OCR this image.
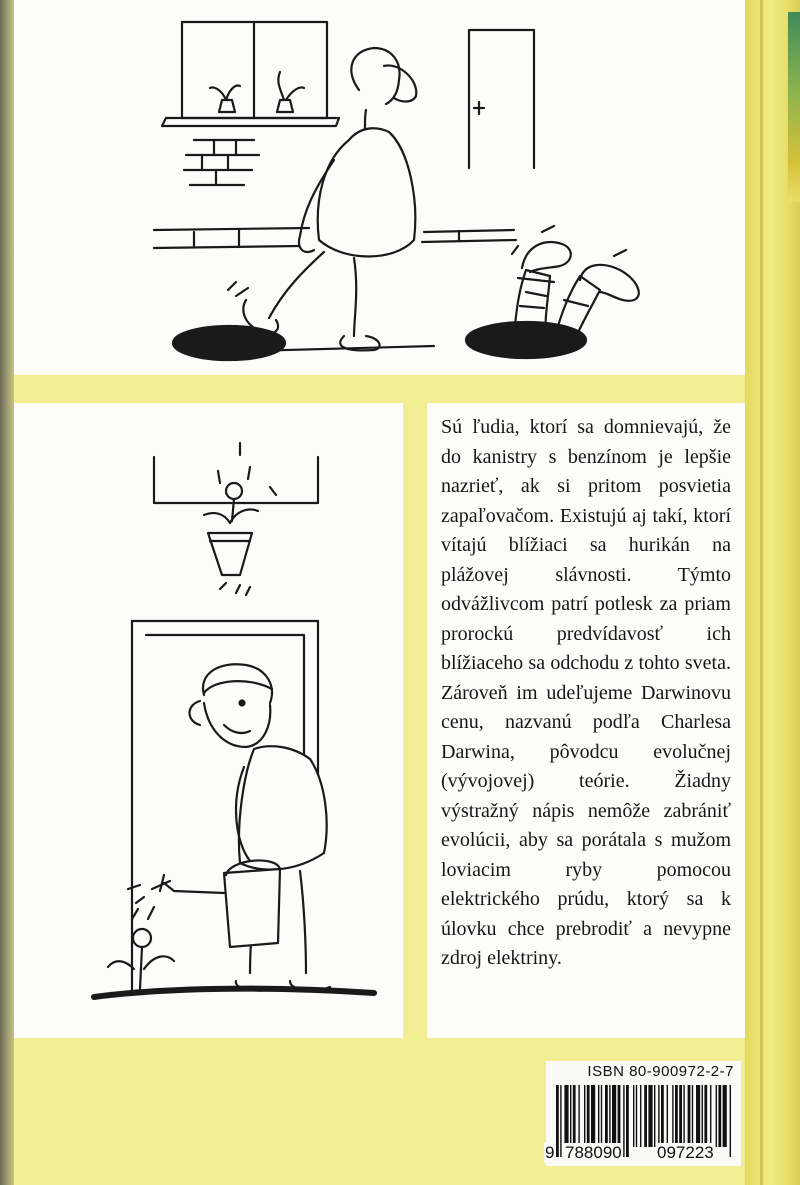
Sú ľudia, ktorí sa domnievajú, že do kanistry s benzínom je lepšie nazrieť, ak si pritom posvietia zapaľovačom. Existujú aj takí, ktorí vítajú blížiaci sa hurikán na plážovej slávnosti. Týmto odvážlivcom patrí potlesk za priam prorockú predvídavosť ich blížiaceho sa odchodu z tohto sveta. Zároveň im udeľujeme Darwinovu cenu, nazvanú podľa Charlesa Darwina, pôvodcu evolučnej (vývojovej) teórie. Žiadny výstražný nápis nemôže zabrániť evolúcii, aby sa porátala s mužom loviacim ryby pomocou elektrického prúdu, ktorý sa k úlovku chce prebrodiť a nevypne zdroj elektriny.

ISBN 80-900972-2-7
9 788090 097223
